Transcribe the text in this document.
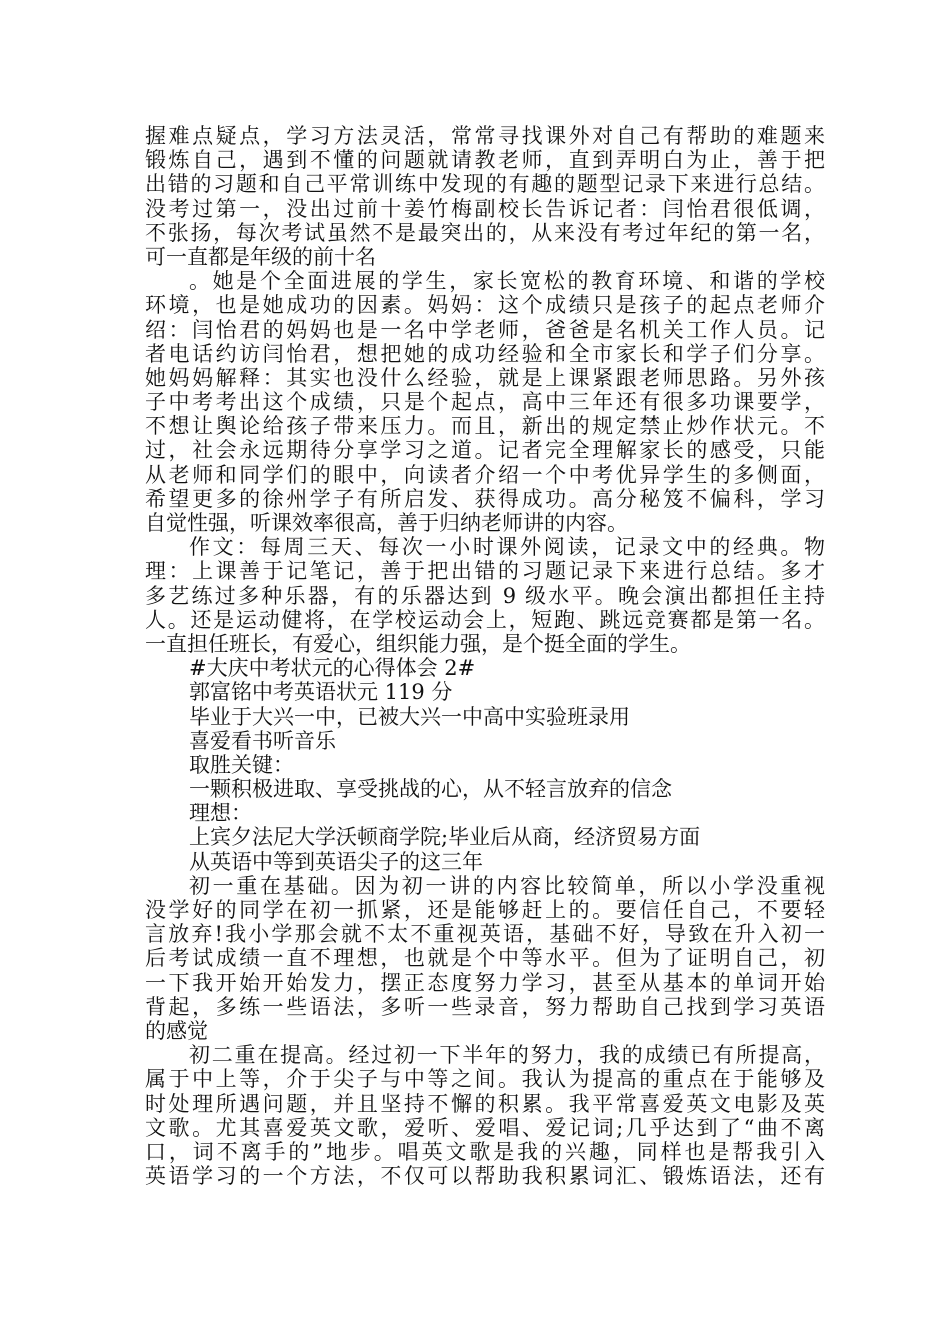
握难点疑点，学习方法灵活，常常寻找课外对自己有帮助的难题来
锻炼自己，遇到不懂的问题就请教老师，直到弄明白为止，善于把
出错的习题和自己平常训练中发现的有趣的题型记录下来进行总结。
没考过第一，没出过前十姜竹梅副校长告诉记者：闫怡君很低调，
不张扬，每次考试虽然不是最突出的，从来没有考过年纪的第一名，
可一直都是年级的前十名
。她是个全面进展的学生，家长宽松的教育环境、和谐的学校
环境，也是她成功的因素。妈妈：这个成绩只是孩子的起点老师介
绍：闫怡君的妈妈也是一名中学老师，爸爸是名机关工作人员。记
者电话约访闫怡君，想把她的成功经验和全市家长和学子们分享。
她妈妈解释：其实也没什么经验，就是上课紧跟老师思路。另外孩
子中考考出这个成绩，只是个起点，高中三年还有很多功课要学，
不想让舆论给孩子带来压力。而且，新出的规定禁止炒作状元。不
过，社会永远期待分享学习之道。记者完全理解家长的感受，只能
从老师和同学们的眼中，向读者介绍一个中考优异学生的多侧面，
希望更多的徐州学子有所启发、获得成功。高分秘笈不偏科，学习
自觉性强，听课效率很高，善于归纳老师讲的内容。
作文：每周三天、每次一小时课外阅读，记录文中的经典。物
理：上课善于记笔记，善于把出错的习题记录下来进行总结。多才
多艺练过多种乐器，有的乐器达到 9 级水平。晚会演出都担任主持
人。还是运动健将，在学校运动会上，短跑、跳远竞赛都是第一名。
一直担任班长，有爱心，组织能力强，是个挺全面的学生。
#大庆中考状元的心得体会 2#
郭富铭中考英语状元 119 分
毕业于大兴一中，已被大兴一中高中实验班录用
喜爱看书听音乐
取胜关键：
一颗积极进取、享受挑战的心，从不轻言放弃的信念
理想：
上宾夕法尼大学沃顿商学院;毕业后从商，经济贸易方面
从英语中等到英语尖子的这三年
初一重在基础。因为初一讲的内容比较简单，所以小学没重视
没学好的同学在初一抓紧，还是能够赶上的。要信任自己，不要轻
言放弃!我小学那会就不太不重视英语，基础不好，导致在升入初一
后考试成绩一直不理想，也就是个中等水平。但为了证明自己，初
一下我开始开始发力，摆正态度努力学习，甚至从基本的单词开始
背起，多练一些语法，多听一些录音，努力帮助自己找到学习英语
的感觉
初二重在提高。经过初一下半年的努力，我的成绩已有所提高，
属于中上等，介于尖子与中等之间。我认为提高的重点在于能够及
时处理所遇问题，并且坚持不懈的积累。我平常喜爱英文电影及英
文歌。尤其喜爱英文歌，爱听、爱唱、爱记词;几乎达到了“曲不离
口，词不离手的”地步。唱英文歌是我的兴趣，同样也是帮我引入
英语学习的一个方法，不仅可以帮助我积累词汇、锻炼语法，还有
